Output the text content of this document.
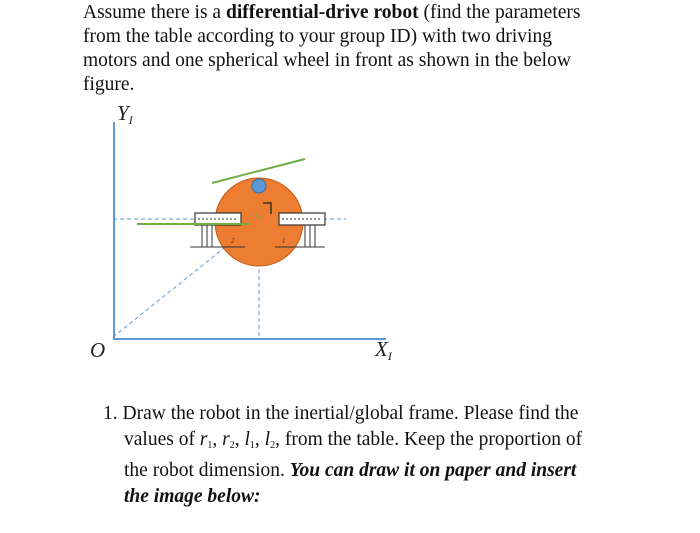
Assume there is a differential-drive robot (find the parameters
from the table according to your group ID) with two driving
motors and one spherical wheel in front as shown in the below
figure.
2	1
YI
XI
O
1. Draw the robot in the inertial/global frame. Please find the
values of $r_1$, $r_2$, $l_1$, $l_2$, from the table. Keep the proportion of
the robot dimension. You can draw it on paper and insert
the image below:
